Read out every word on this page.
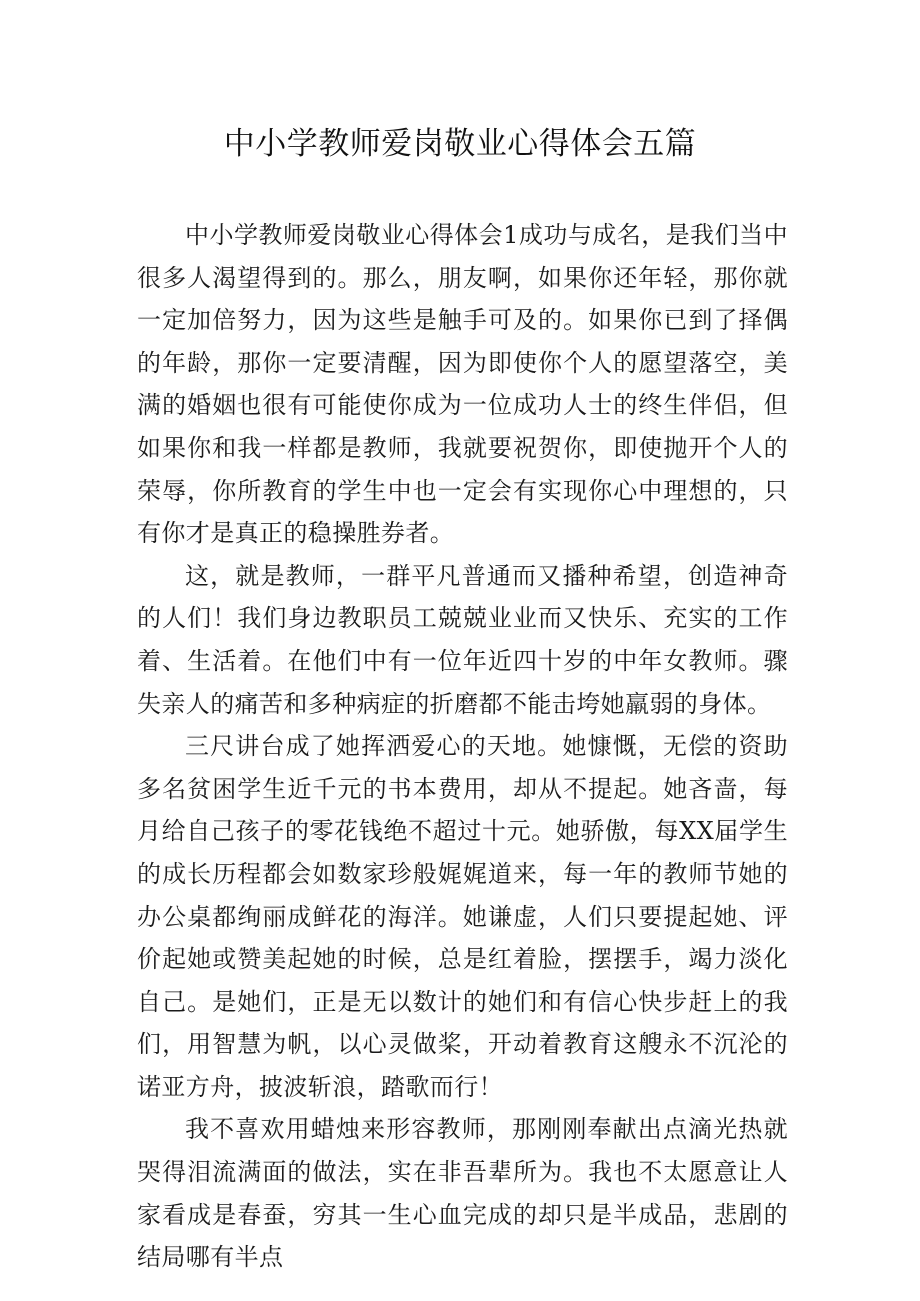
中小学教师爱岗敬业心得体会五篇

中小学教师爱岗敬业心得体会1成功与成名，是我们当中很多人渴望得到的。那么，朋友啊，如果你还年轻，那你就一定加倍努力，因为这些是触手可及的。如果你已到了择偶的年龄，那你一定要清醒，因为即使你个人的愿望落空，美满的婚姻也很有可能使你成为一位成功人士的终生伴侣，但如果你和我一样都是教师，我就要祝贺你，即使抛开个人的荣辱，你所教育的学生中也一定会有实现你心中理想的，只有你才是真正的稳操胜券者。

这，就是教师，一群平凡普通而又播种希望，创造神奇的人们！我们身边教职员工兢兢业业而又快乐、充实的工作着、生活着。在他们中有一位年近四十岁的中年女教师。骤失亲人的痛苦和多种病症的折磨都不能击垮她羸弱的身体。

三尺讲台成了她挥洒爱心的天地。她慷慨，无偿的资助多名贫困学生近千元的书本费用，却从不提起。她吝啬，每月给自己孩子的零花钱绝不超过十元。她骄傲，每XX届学生的成长历程都会如数家珍般娓娓道来，每一年的教师节她的办公桌都绚丽成鲜花的海洋。她谦虚，人们只要提起她、评价起她或赞美起她的时候，总是红着脸，摆摆手，竭力淡化自己。是她们，正是无以数计的她们和有信心快步赶上的我们，用智慧为帆，以心灵做桨，开动着教育这艘永不沉沦的诺亚方舟，披波斩浪，踏歌而行！

我不喜欢用蜡烛来形容教师，那刚刚奉献出点滴光热就哭得泪流满面的做法，实在非吾辈所为。我也不太愿意让人家看成是春蚕，穷其一生心血完成的却只是半成品，悲剧的结局哪有半点
